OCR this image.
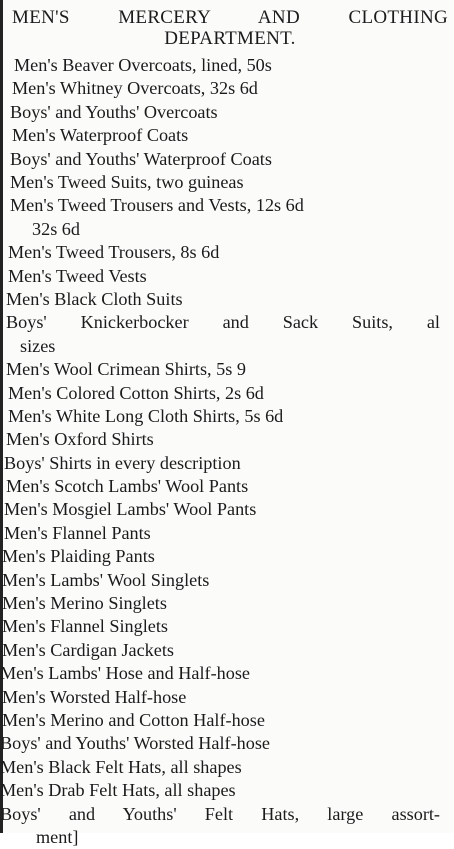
MEN'S MERCERY AND CLOTHING
DEPARTMENT.
Men's Beaver Overcoats, lined, 50s
Men's Whitney Overcoats, 32s 6d
Boys' and Youths' Overcoats
Men's Waterproof Coats
Boys' and Youths' Waterproof Coats
Men's Tweed Suits, two guineas
Men's Tweed Trousers and Vests, 12s 6d
32s 6d
Men's Tweed Trousers, 8s 6d
Men's Tweed Vests
Men's Black Cloth Suits
Boys' Knickerbocker and Sack Suits, al
sizes
Men's Wool Crimean Shirts, 5s 9
Men's Colored Cotton Shirts, 2s 6d
Men's White Long Cloth Shirts, 5s 6d
Men's Oxford Shirts
Boys' Shirts in every description
Men's Scotch Lambs' Wool Pants
Men's Mosgiel Lambs' Wool Pants
Men's Flannel Pants
Men's Plaiding Pants
Men's Lambs' Wool Singlets
Men's Merino Singlets
Men's Flannel Singlets
Men's Cardigan Jackets
Men's Lambs' Hose and Half-hose
Men's Worsted Half-hose
Men's Merino and Cotton Half-hose
Boys' and Youths' Worsted Half-hose
Men's Black Felt Hats, all shapes
Men's Drab Felt Hats, all shapes
Boys' and Youths' Felt Hats, large assort-
ment]
